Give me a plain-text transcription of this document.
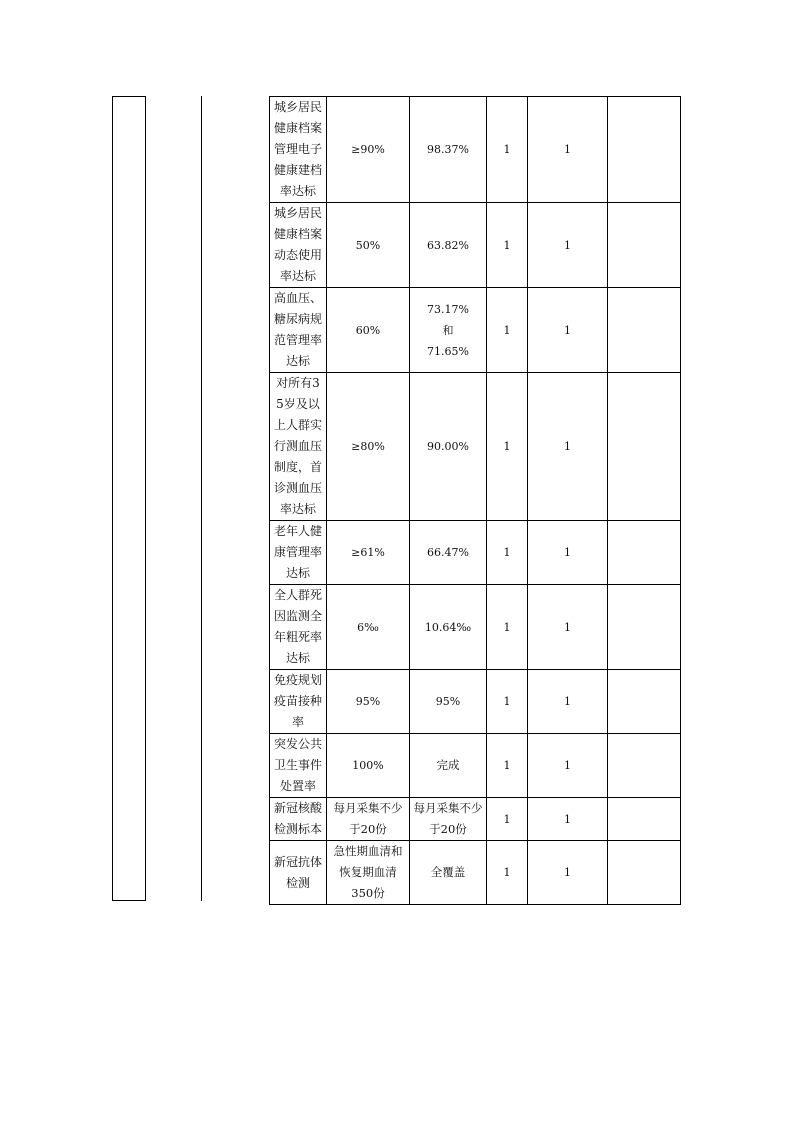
城乡居民健康档案管理电子健康建档率达标	≥90%	98.37%	1	1	
城乡居民健康档案动态使用率达标	50%	63.82%	1	1	
高血压、糖尿病规范管理率达标	60%	73.17%和71.65%	1	1	
对所有35岁及以上人群实行测血压制度，首诊测血压率达标	≥80%	90.00%	1	1	
老年人健康管理率达标	≥61%	66.47%	1	1	
全人群死因监测全年粗死率达标	6‰	10.64‰	1	1	
免疫规划疫苗接种率	95%	95%	1	1	
突发公共卫生事件处置率	100%	完成	1	1	
新冠核酸检测标本	每月采集不少于20份	每月采集不少于20份	1	1	
新冠抗体检测	急性期血清和恢复期血清350份	全覆盖	1	1	
